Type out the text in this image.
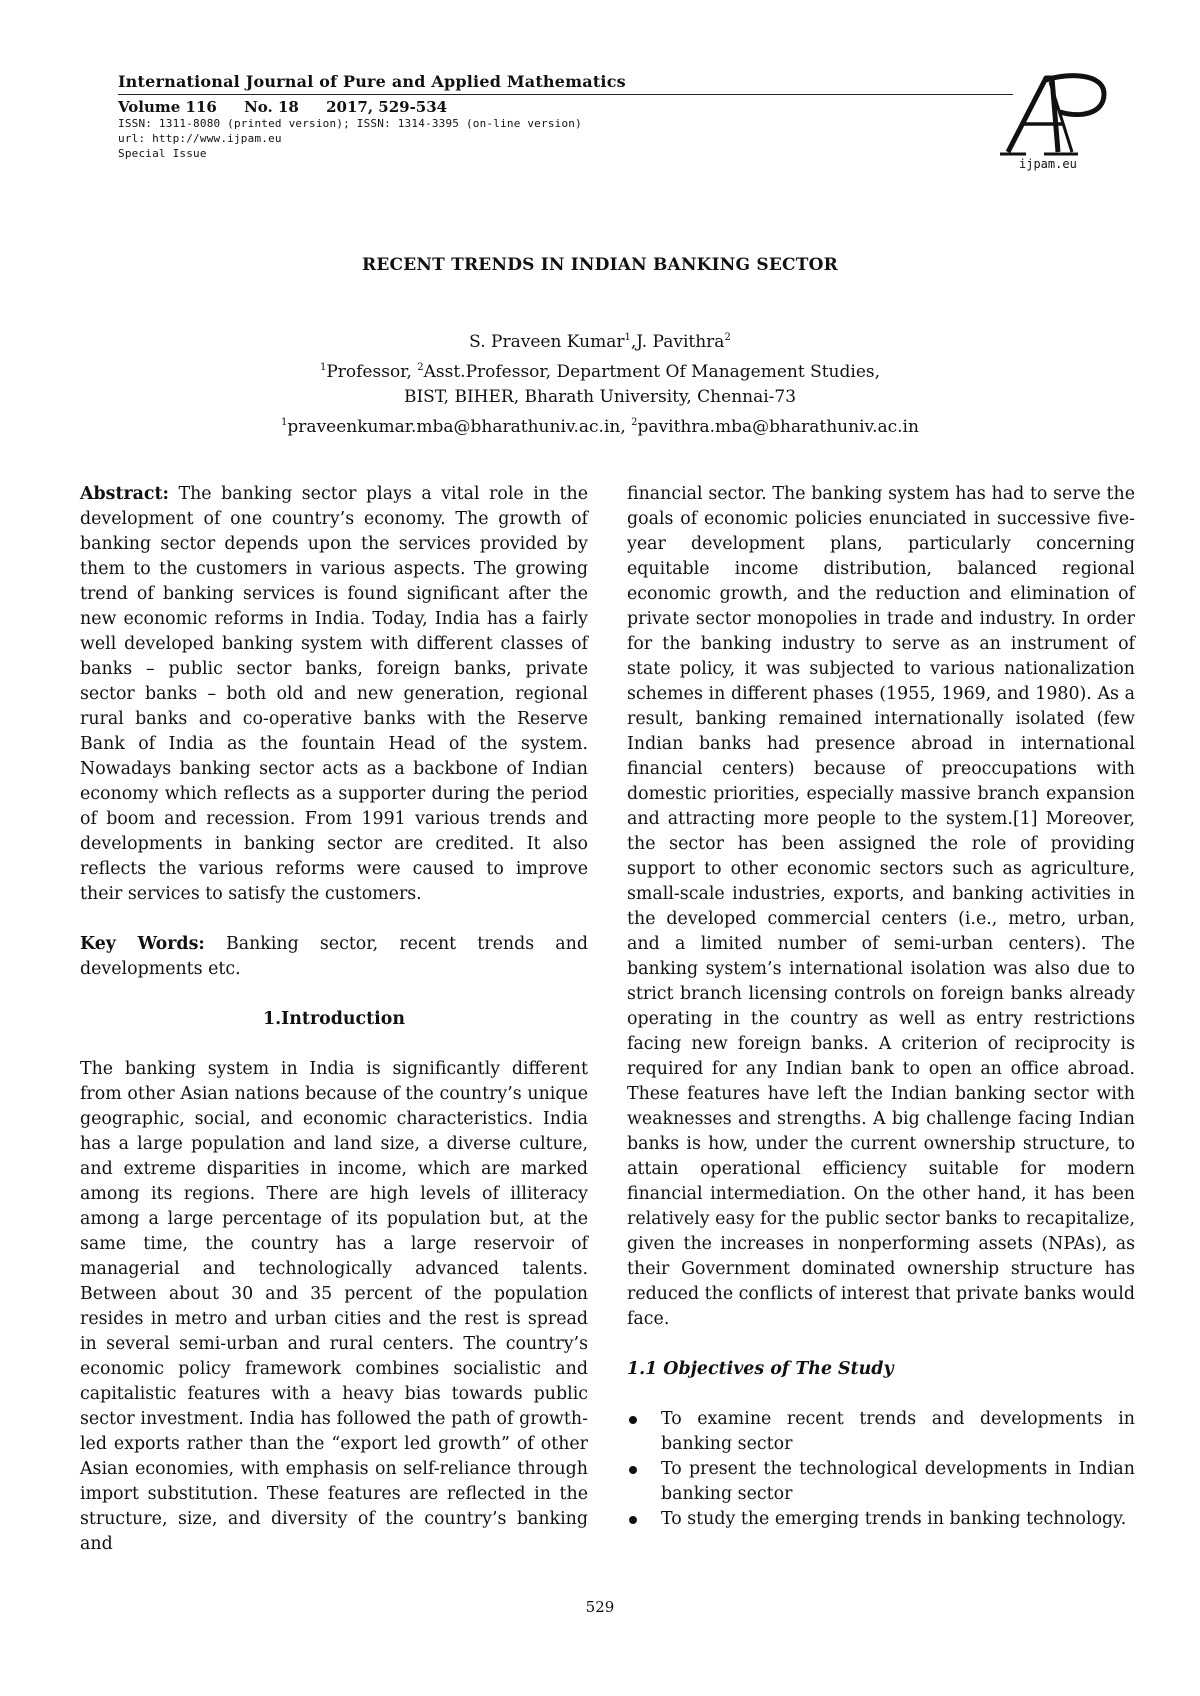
International Journal of Pure and Applied Mathematics
Volume 116 No. 18 2017, 529-534
ISSN: 1311-8080 (printed version); ISSN: 1314-3395 (on-line version)
url: http://www.ijpam.eu
Special Issue
ijpam.eu
RECENT TRENDS IN INDIAN BANKING SECTOR
S. Praveen Kumar$^1$,J. Pavithra$^2$
$^1$Professor, $^2$Asst.Professor, Department Of Management Studies,
BIST, BIHER, Bharath University, Chennai-73
$^1$praveenkumar.mba@bharathuniv.ac.in, $^2$pavithra.mba@bharathuniv.ac.in

Abstract: The banking sector plays a vital role in the development of one country’s economy. The growth of banking sector depends upon the services provided by them to the customers in various aspects. The growing trend of banking services is found significant after the new economic reforms in India. Today, India has a fairly well developed banking system with different classes of banks – public sector banks, foreign banks, private sector banks – both old and new generation, regional rural banks and co-operative banks with the Reserve Bank of India as the fountain Head of the system. Nowadays banking sector acts as a backbone of Indian economy which reflects as a supporter during the period of boom and recession. From 1991 various trends and developments in banking sector are credited. It also reflects the various reforms were caused to improve their services to satisfy the customers.

Key Words: Banking sector, recent trends and developments etc.

1.Introduction

The banking system in India is significantly different from other Asian nations because of the country’s unique geographic, social, and economic characteristics. India has a large population and land size, a diverse culture, and extreme disparities in income, which are marked among its regions. There are high levels of illiteracy among a large percentage of its population but, at the same time, the country has a large reservoir of managerial and technologically advanced talents. Between about 30 and 35 percent of the population resides in metro and urban cities and the rest is spread in several semi-urban and rural centers. The country’s economic policy framework combines socialistic and capitalistic features with a heavy bias towards public sector investment. India has followed the path of growth-led exports rather than the “export led growth” of other Asian economies, with emphasis on self-reliance through import substitution. These features are reflected in the structure, size, and diversity of the country’s banking and

financial sector. The banking system has had to serve the goals of economic policies enunciated in successive five-year development plans, particularly concerning equitable income distribution, balanced regional economic growth, and the reduction and elimination of private sector monopolies in trade and industry. In order for the banking industry to serve as an instrument of state policy, it was subjected to various nationalization schemes in different phases (1955, 1969, and 1980). As a result, banking remained internationally isolated (few Indian banks had presence abroad in international financial centers) because of preoccupations with domestic priorities, especially massive branch expansion and attracting more people to the system.[1] Moreover, the sector has been assigned the role of providing support to other economic sectors such as agriculture, small-scale industries, exports, and banking activities in the developed commercial centers (i.e., metro, urban, and a limited number of semi-urban centers). The banking system’s international isolation was also due to strict branch licensing controls on foreign banks already operating in the country as well as entry restrictions facing new foreign banks. A criterion of reciprocity is required for any Indian bank to open an office abroad. These features have left the Indian banking sector with weaknesses and strengths. A big challenge facing Indian banks is how, under the current ownership structure, to attain operational efficiency suitable for modern financial intermediation. On the other hand, it has been relatively easy for the public sector banks to recapitalize, given the increases in nonperforming assets (NPAs), as their Government dominated ownership structure has reduced the conflicts of interest that private banks would face.

1.1 Objectives of The Study

To examine recent trends and developments in banking sector
To present the technological developments in Indian banking sector
To study the emerging trends in banking technology.
529
